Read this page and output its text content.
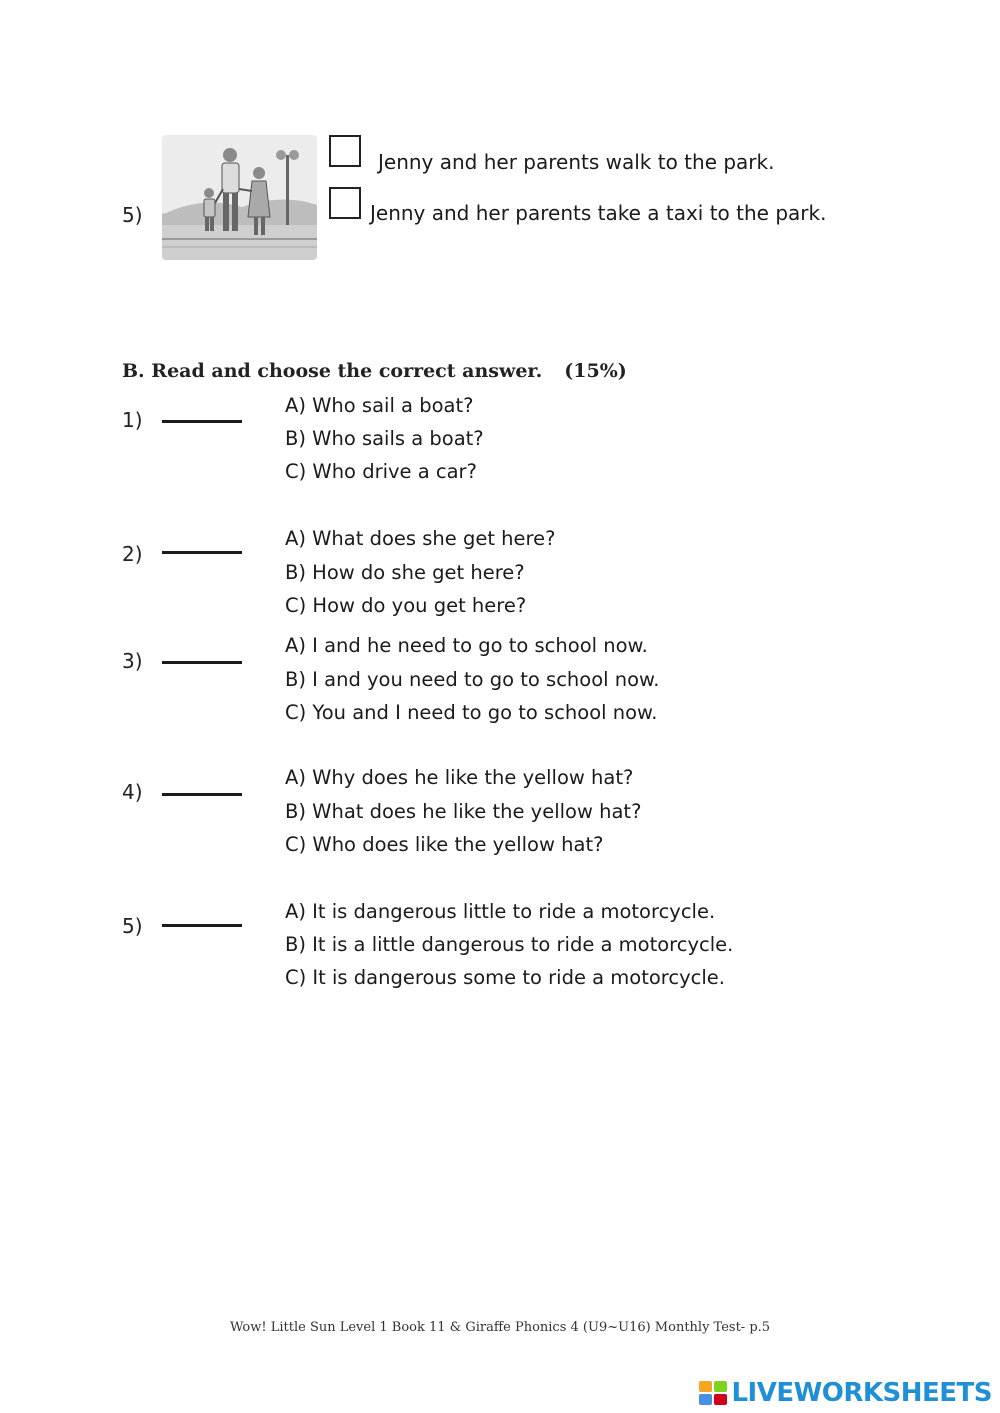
5)
Jenny and her parents walk to the park.
Jenny and her parents take a taxi to the park.
B. Read and choose the correct answer. (15%)
1)
A) Who sail a boat?
B) Who sails a boat?
C) Who drive a car?
2)
A) What does she get here?
B) How do she get here?
C) How do you get here?
3)
A) I and he need to go to school now.
B) I and you need to go to school now.
C) You and I need to go to school now.
4)
A) Why does he like the yellow hat?
B) What does he like the yellow hat?
C) Who does like the yellow hat?
5)
A) It is dangerous little to ride a motorcycle.
B) It is a little dangerous to ride a motorcycle.
C) It is dangerous some to ride a motorcycle.
Wow! Little Sun Level 1 Book 11 & Giraffe Phonics 4 (U9~U16) Monthly Test- p.5
LIVEWORKSHEETS
